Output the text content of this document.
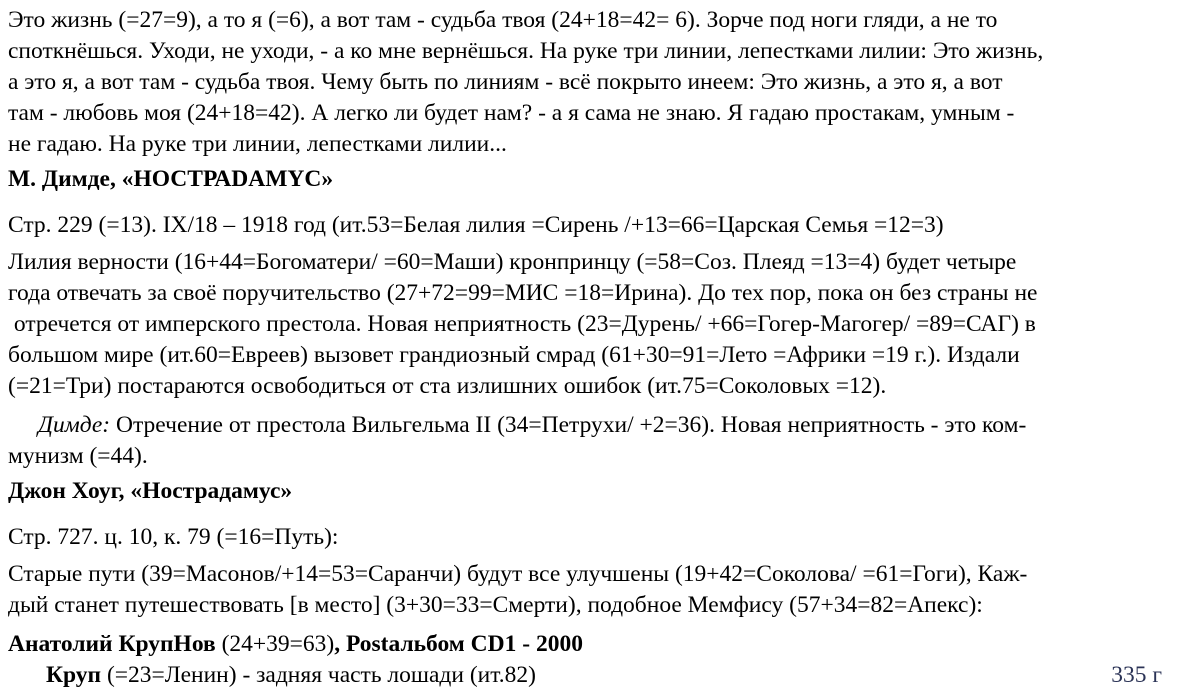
Это жизнь (=27=9), а то я (=6), а вот там - судьба твоя (24+18=42= 6). Зорче под ноги гляди, а не то
споткнёшься. Уходи, не уходи, - а ко мне вернёшься. На руке три линии, лепестками лилии: Это жизнь,
а это я, а вот там - судьба твоя. Чему быть по линиям - всё покрыто инеем: Это жизнь, а это я, а вот
там - любовь моя (24+18=42). А легко ли будет нам? - а я сама не знаю. Я гадаю простакам, умным -
не гадаю. На руке три линии, лепестками лилии...
М. Димде, «НОСТРАDАМYС»
Стр. 229 (=13). IX/18 – 1918 год (ит.53=Белая лилия =Сирень /+13=66=Царская Семья =12=3)
Лилия верности (16+44=Богоматери/ =60=Маши) кронпринцу (=58=Соз. Плеяд =13=4) будет четыре
года отвечать за своё поручительство (27+72=99=МИС =18=Ирина). До тех пор, пока он без страны не
отречется от имперского престола. Новая неприятность (23=Дурень/ +66=Гогер-Магогер/ =89=САГ) в
большом мире (ит.60=Евреев) вызовет грандиозный смрад (61+30=91=Лето =Африки =19 г.). Издали
(=21=Три) постараются освободиться от ста излишних ошибок (ит.75=Соколовых =12).
Димде: Отречение от престола Вильгельма II (34=Петрухи/ +2=36). Новая неприятность - это ком-
мунизм (=44).
Джон Хоуг, «Нострадамус»
Стр. 727. ц. 10, к. 79 (=16=Путь):
Старые пути (39=Масонов/+14=53=Саранчи) будут все улучшены (19+42=Соколова/ =61=Гоги), Каж-
дый станет путешествовать [в место] (3+30=33=Смерти), подобное Мемфису (57+34=82=Апекс):
Анатолий КрупНов (24+39=63), Роstальбом CD1 - 2000
Круп (=23=Ленин) - задняя часть лошади (ит.82)	335 г
